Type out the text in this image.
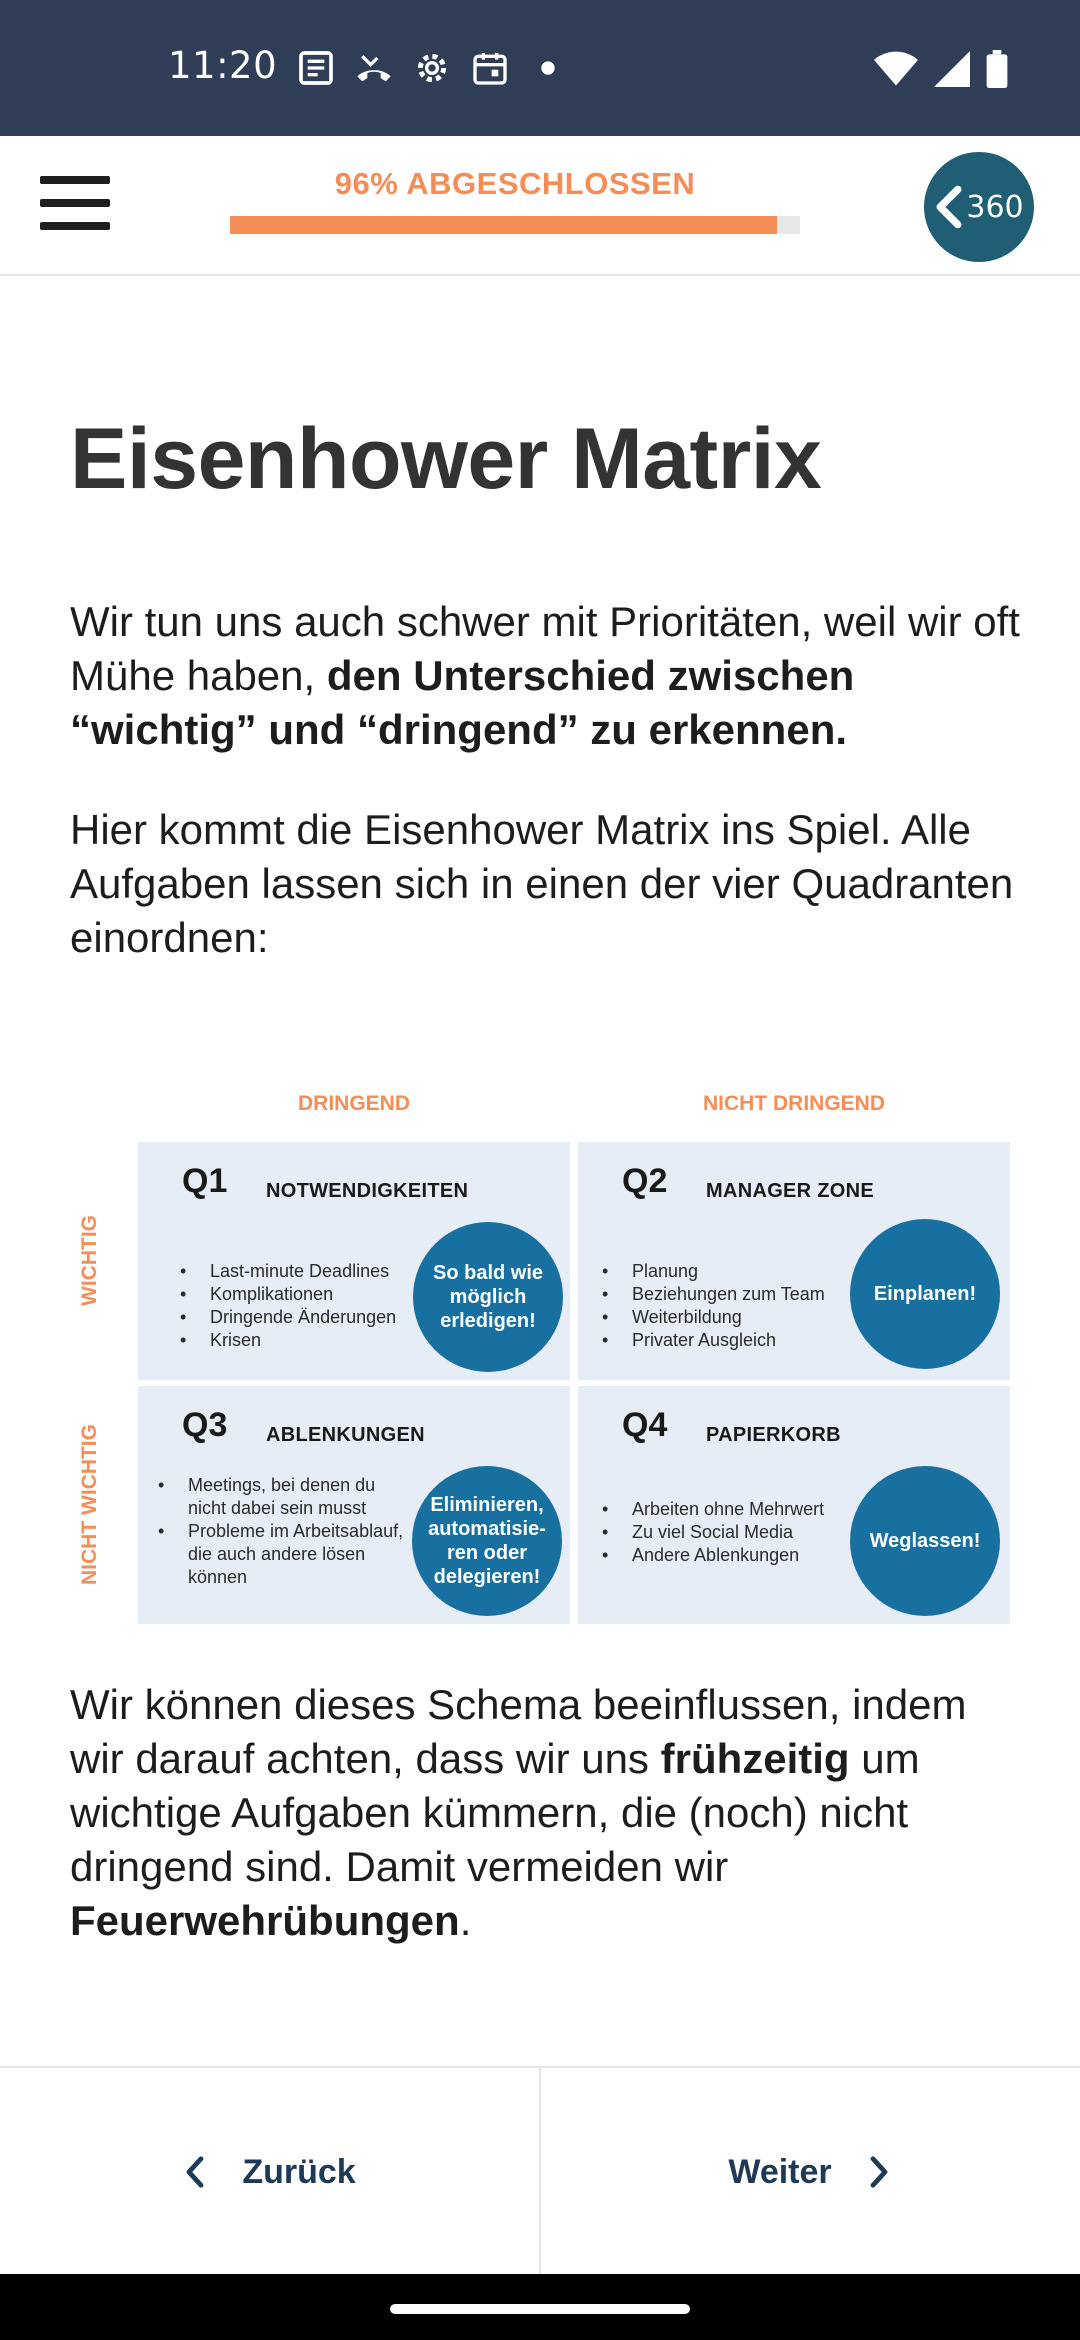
11:20
96% ABGESCHLOSSEN
360
Eisenhower Matrix

Wir tun uns auch schwer mit Prioritäten, weil wir oft Mühe haben, den Unterschied zwischen “wichtig” und “dringend” zu erkennen.

Hier kommt die Eisenhower Matrix ins Spiel. Alle Aufgaben lassen sich in einen der vier Quadranten einordnen:

DRINGEND	NICHT DRINGEND
WICHTIG
NICHT WICHTIG
Q1 NOTWENDIGKEITEN
• Last-minute Deadlines
• Komplikationen
• Dringende Änderungen
• Krisen
So bald wie möglich erledigen!
Q2 MANAGER ZONE
• Planung
• Beziehungen zum Team
• Weiterbildung
• Privater Ausgleich
Einplanen!
Q3 ABLENKUNGEN
• Meetings, bei denen du nicht dabei sein musst
• Probleme im Arbeitsablauf, die auch andere lösen können
Eliminieren, automatisie-ren oder delegieren!
Q4 PAPIERKORB
• Arbeiten ohne Mehrwert
• Zu viel Social Media
• Andere Ablenkungen
Weglassen!

Wir können dieses Schema beeinflussen, indem wir darauf achten, dass wir uns frühzeitig um wichtige Aufgaben kümmern, die (noch) nicht dringend sind. Damit vermeiden wir Feuerwehrübungen.

Zurück	Weiter
